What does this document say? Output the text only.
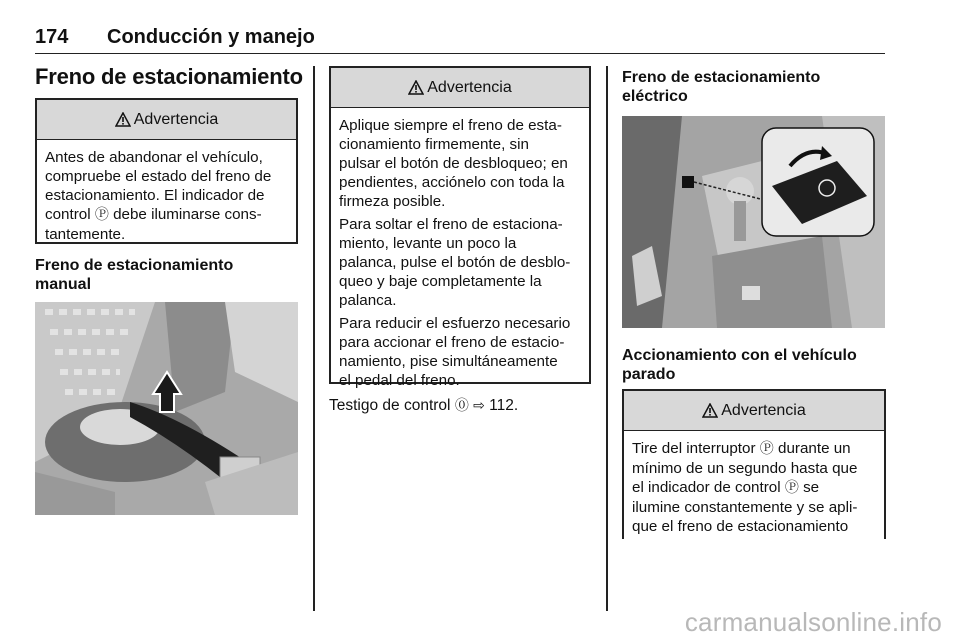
174 Conducción y manejo
Freno de estacionamiento
Advertencia
Antes de abandonar el vehículo,
compruebe el estado del freno de
estacionamiento. El indicador de
control Ⓟ debe iluminarse cons-
tantemente.
Freno de estacionamiento
manual
Advertencia

Aplique siempre el freno de esta-
cionamiento firmemente, sin
pulsar el botón de desbloqueo; en
pendientes, acciónelo con toda la
firmeza posible.

Para soltar el freno de estaciona-
miento, levante un poco la
palanca, pulse el botón de desblo-
queo y baje completamente la
palanca.

Para reducir el esfuerzo necesario
para accionar el freno de estacio-
namiento, pise simultáneamente
el pedal del freno.

Testigo de control ⓪ ⇨ 112.
Freno de estacionamiento
eléctrico
Accionamiento con el vehículo
parado
Advertencia
Tire del interruptor Ⓟ durante un
mínimo de un segundo hasta que
el indicador de control Ⓟ se
ilumine constantemente y se apli-
que el freno de estacionamiento
carmanualsonline.info
